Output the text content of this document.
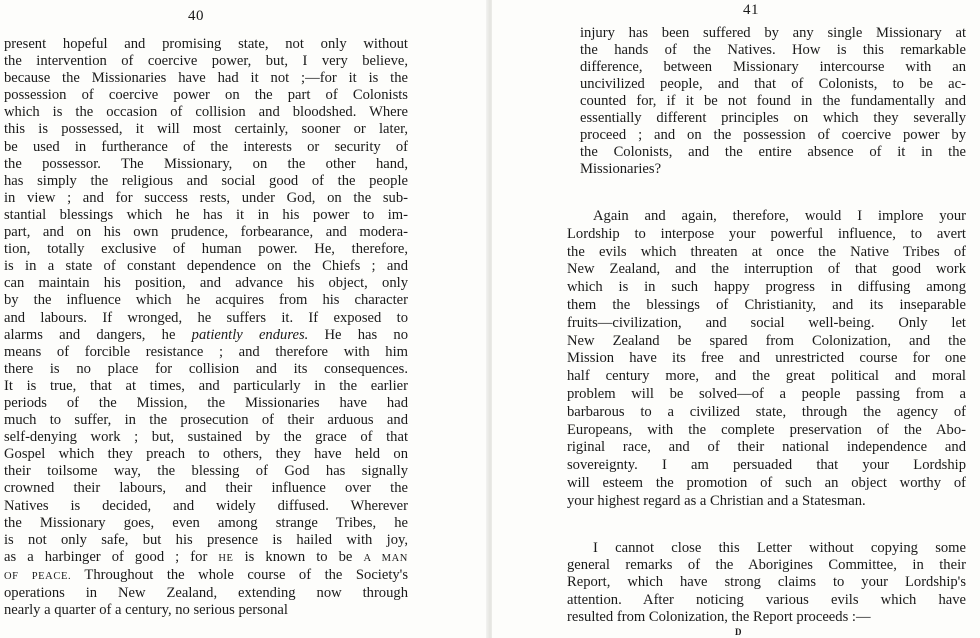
40
present hopeful and promising state, not only without
the intervention of coercive power, but, I very believe,
because the Missionaries have had it not ;—for it is the
possession of coercive power on the part of Colonists
which is the occasion of collision and bloodshed. Where
this is possessed, it will most certainly, sooner or later,
be used in furtherance of the interests or security of
the possessor. The Missionary, on the other hand,
has simply the religious and social good of the people
in view ; and for success rests, under God, on the sub-
stantial blessings which he has it in his power to im-
part, and on his own prudence, forbearance, and modera-
tion, totally exclusive of human power. He, therefore,
is in a state of constant dependence on the Chiefs ; and
can maintain his position, and advance his object, only
by the influence which he acquires from his character
and labours. If wronged, he suffers it. If exposed to
alarms and dangers, he patiently endures. He has no
means of forcible resistance ; and therefore with him
there is no place for collision and its consequences.
It is true, that at times, and particularly in the earlier
periods of the Mission, the Missionaries have had
much to suffer, in the prosecution of their arduous and
self-denying work ; but, sustained by the grace of that
Gospel which they preach to others, they have held on
their toilsome way, the blessing of God has signally
crowned their labours, and their influence over the
Natives is decided, and widely diffused. Wherever
the Missionary goes, even among strange Tribes, he
is not only safe, but his presence is hailed with joy,
as a harbinger of good ; for HE is known to be A MAN
OF PEACE. Throughout the whole course of the Society's
operations in New Zealand, extending now through
nearly a quarter of a century, no serious personal
41
injury has been suffered by any single Missionary at
the hands of the Natives. How is this remarkable
difference, between Missionary intercourse with an
uncivilized people, and that of Colonists, to be ac-
counted for, if it be not found in the fundamentally and
essentially different principles on which they severally
proceed ; and on the possession of coercive power by
the Colonists, and the entire absence of it in the
Missionaries?
Again and again, therefore, would I implore your
Lordship to interpose your powerful influence, to avert
the evils which threaten at once the Native Tribes of
New Zealand, and the interruption of that good work
which is in such happy progress in diffusing among
them the blessings of Christianity, and its inseparable
fruits—civilization, and social well-being. Only let
New Zealand be spared from Colonization, and the
Mission have its free and unrestricted course for one
half century more, and the great political and moral
problem will be solved—of a people passing from a
barbarous to a civilized state, through the agency of
Europeans, with the complete preservation of the Abo-
riginal race, and of their national independence and
sovereignty. I am persuaded that your Lordship
will esteem the promotion of such an object worthy of
your highest regard as a Christian and a Statesman.
I cannot close this Letter without copying some
general remarks of the Aborigines Committee, in their
Report, which have strong claims to your Lordship's
attention. After noticing various evils which have
resulted from Colonization, the Report proceeds :—
D
